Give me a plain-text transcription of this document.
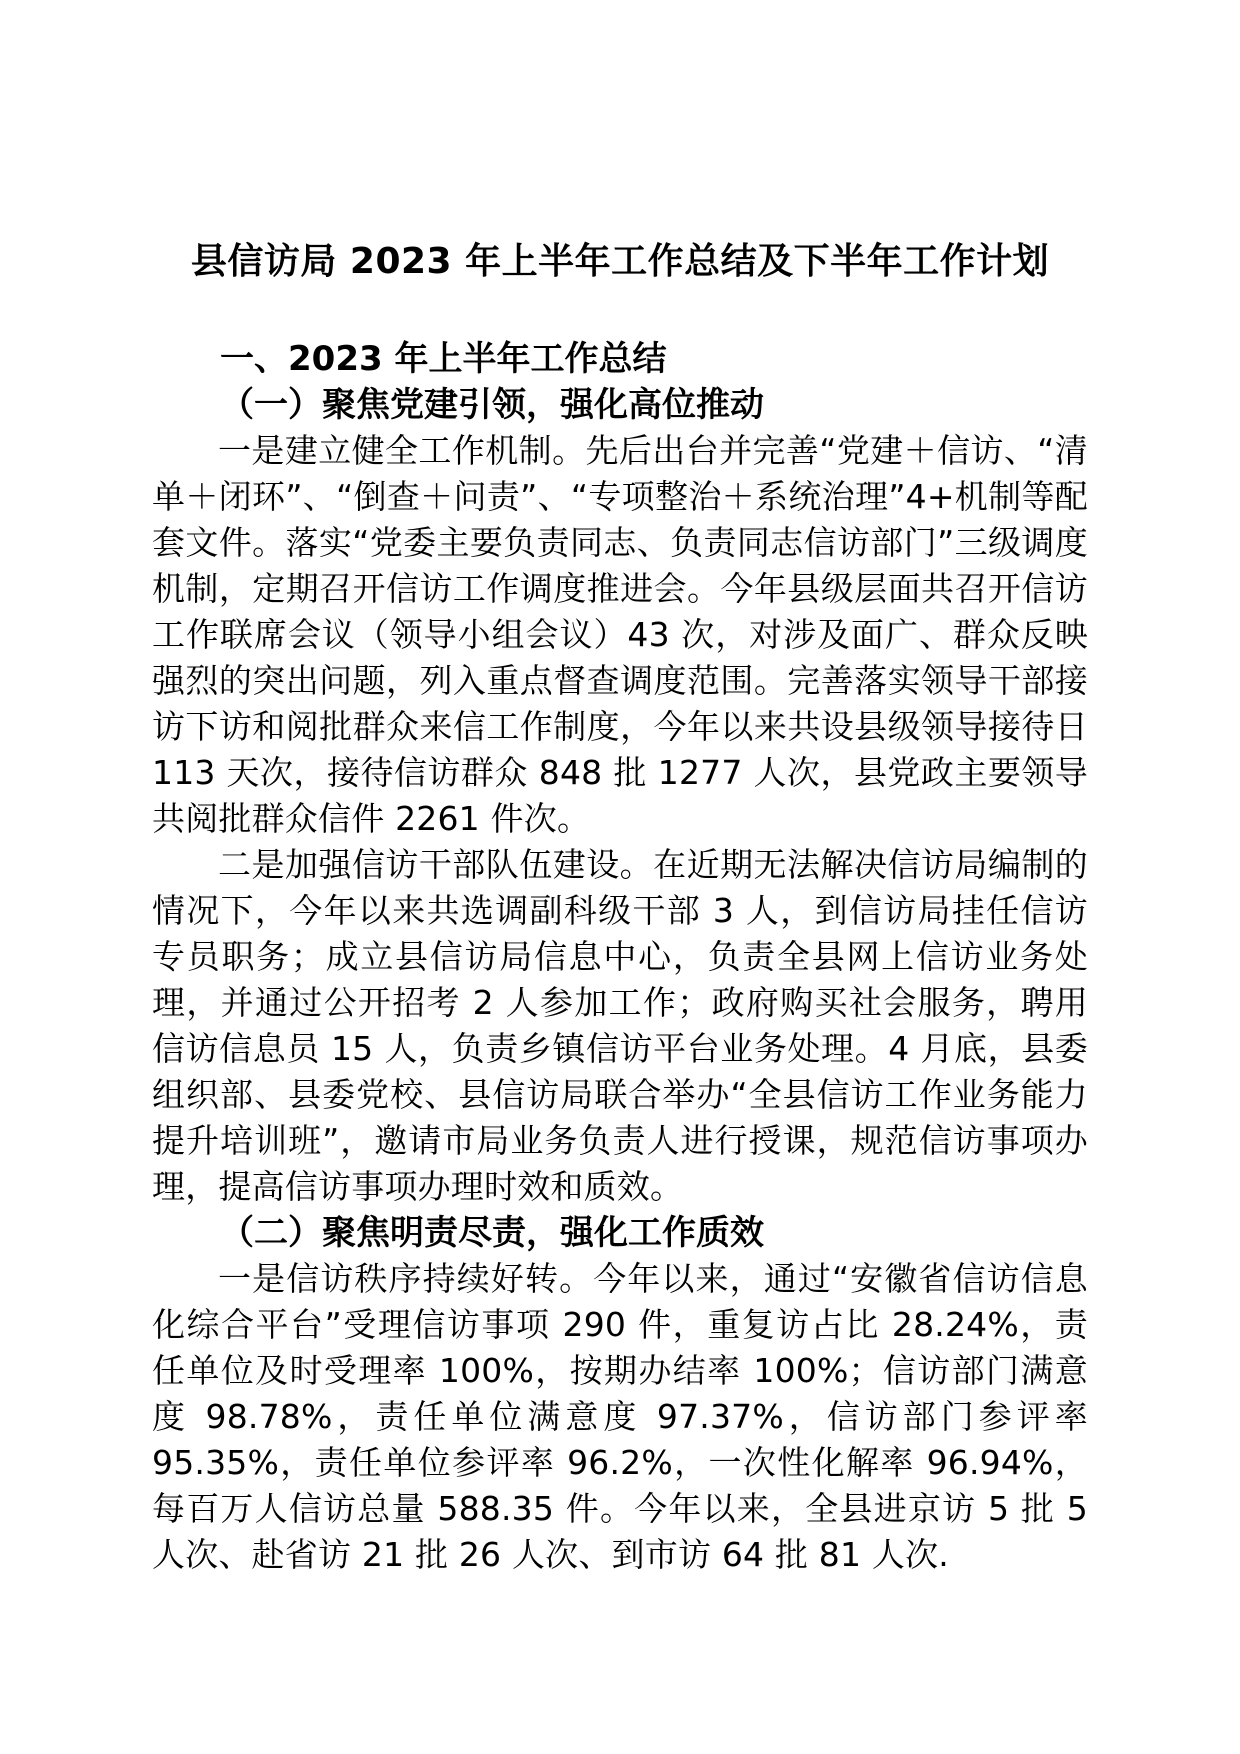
县信访局 2023 年上半年工作总结及下半年工作计划
一、2023 年上半年工作总结
（一）聚焦党建引领，强化高位推动

一是建立健全工作机制。先后出台并完善“党建＋信访、“清单＋闭环”、“倒查＋问责”、“专项整治＋系统治理”4+机制等配套文件。落实“党委主要负责同志、负责同志信访部门”三级调度机制，定期召开信访工作调度推进会。今年县级层面共召开信访工作联席会议（领导小组会议）43 次，对涉及面广、群众反映强烈的突出问题，列入重点督查调度范围。完善落实领导干部接访下访和阅批群众来信工作制度，今年以来共设县级领导接待日 113 天次，接待信访群众 848 批 1277 人次，县党政主要领导共阅批群众信件 2261 件次。

二是加强信访干部队伍建设。在近期无法解决信访局编制的情况下，今年以来共选调副科级干部 3 人，到信访局挂任信访专员职务；成立县信访局信息中心，负责全县网上信访业务处理，并通过公开招考 2 人参加工作；政府购买社会服务，聘用信访信息员 15 人，负责乡镇信访平台业务处理。4 月底，县委组织部、县委党校、县信访局联合举办“全县信访工作业务能力提升培训班”，邀请市局业务负责人进行授课，规范信访事项办理，提高信访事项办理时效和质效。

（二）聚焦明责尽责，强化工作质效

一是信访秩序持续好转。今年以来，通过“安徽省信访信息化综合平台”受理信访事项 290 件，重复访占比 28.24%，责任单位及时受理率 100%，按期办结率 100%；信访部门满意度 98.78%，责任单位满意度 97.37%，信访部门参评率 95.35%，责任单位参评率 96.2%，一次性化解率 96.94%，每百万人信访总量 588.35 件。今年以来，全县进京访 5 批 5 人次、赴省访 21 批 26 人次、到市访 64 批 81 人次.
